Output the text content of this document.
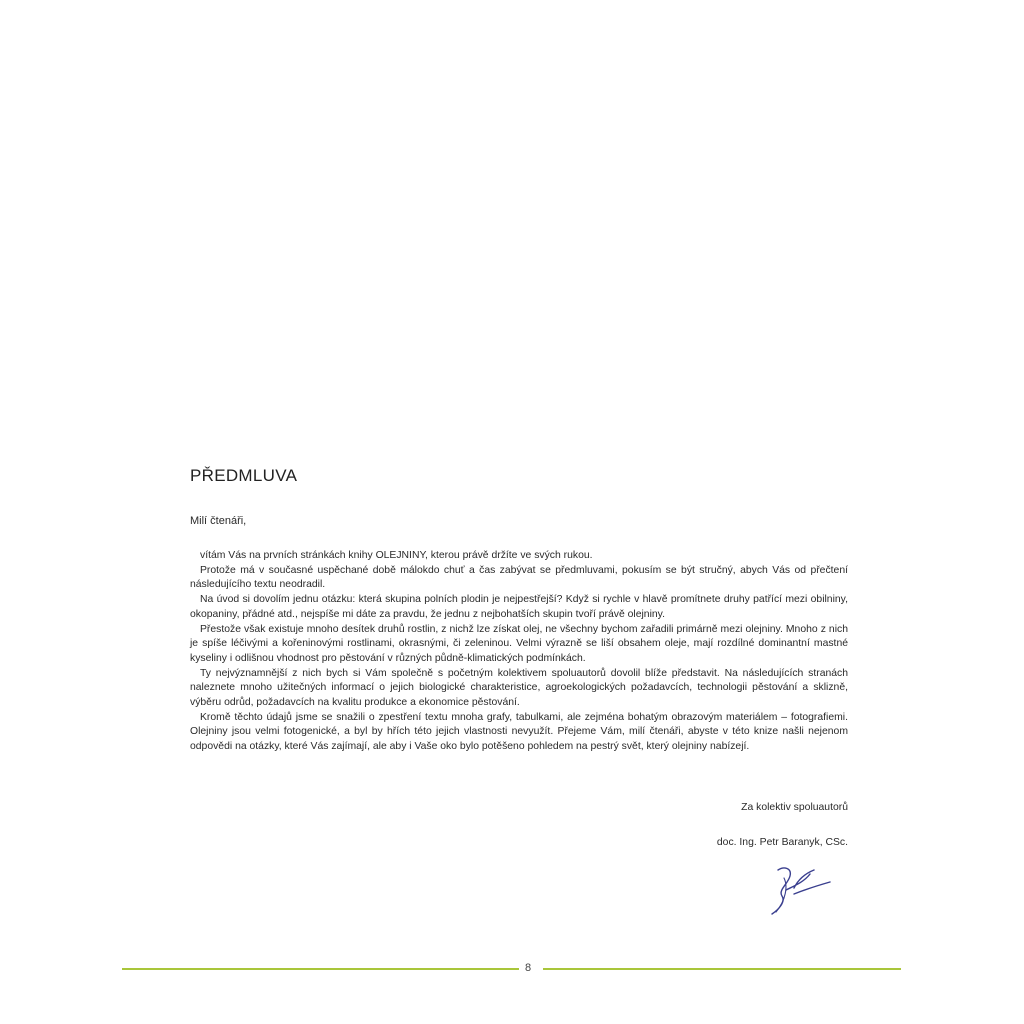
PŘEDMLUVA

Milí čtenáři,

vítám Vás na prvních stránkách knihy OLEJNINY, kterou právě držíte ve svých rukou.

Protože má v současné uspěchané době málokdo chuť a čas zabývat se předmluvami, pokusím se být stručný, abych Vás od přečtení následujícího textu neodradil.

Na úvod si dovolím jednu otázku: která skupina polních plodin je nejpestřejší? Když si rychle v hlavě promítnete druhy patřící mezi obilniny, okopaniny, přádné atd., nejspíše mi dáte za pravdu, že jednu z nejbohatších skupin tvoří právě olejniny.

Přestože však existuje mnoho desítek druhů rostlin, z nichž lze získat olej, ne všechny bychom zařadili primárně mezi olejniny. Mnoho z nich je spíše léčivými a kořeninovými rostlinami, okrasnými, či zeleninou. Velmi výrazně se liší obsahem oleje, mají rozdílné dominantní mastné kyseliny i odlišnou vhodnost pro pěstování v různých půdně-klimatických podmínkách.

Ty nejvýznamnější z nich bych si Vám společně s početným kolektivem spoluautorů dovolil blíže představit. Na následujících stranách naleznete mnoho užitečných informací o jejich biologické charakteristice, agroekologických požadavcích, technologii pěstování a sklizně, výběru odrůd, požadavcích na kvalitu produkce a ekonomice pěstování.

Kromě těchto údajů jsme se snažili o zpestření textu mnoha grafy, tabulkami, ale zejména bohatým obrazovým materiálem – fotografiemi. Olejniny jsou velmi fotogenické, a byl by hřích této jejich vlastnosti nevyužít. Přejeme Vám, milí čtenáři, abyste v této knize našli nejenom odpovědi na otázky, které Vás zajímají, ale aby i Vaše oko bylo potěšeno pohledem na pestrý svět, který olejniny nabízejí.

Za kolektiv spoluautorů

doc. Ing. Petr Baranyk, CSc.

8
